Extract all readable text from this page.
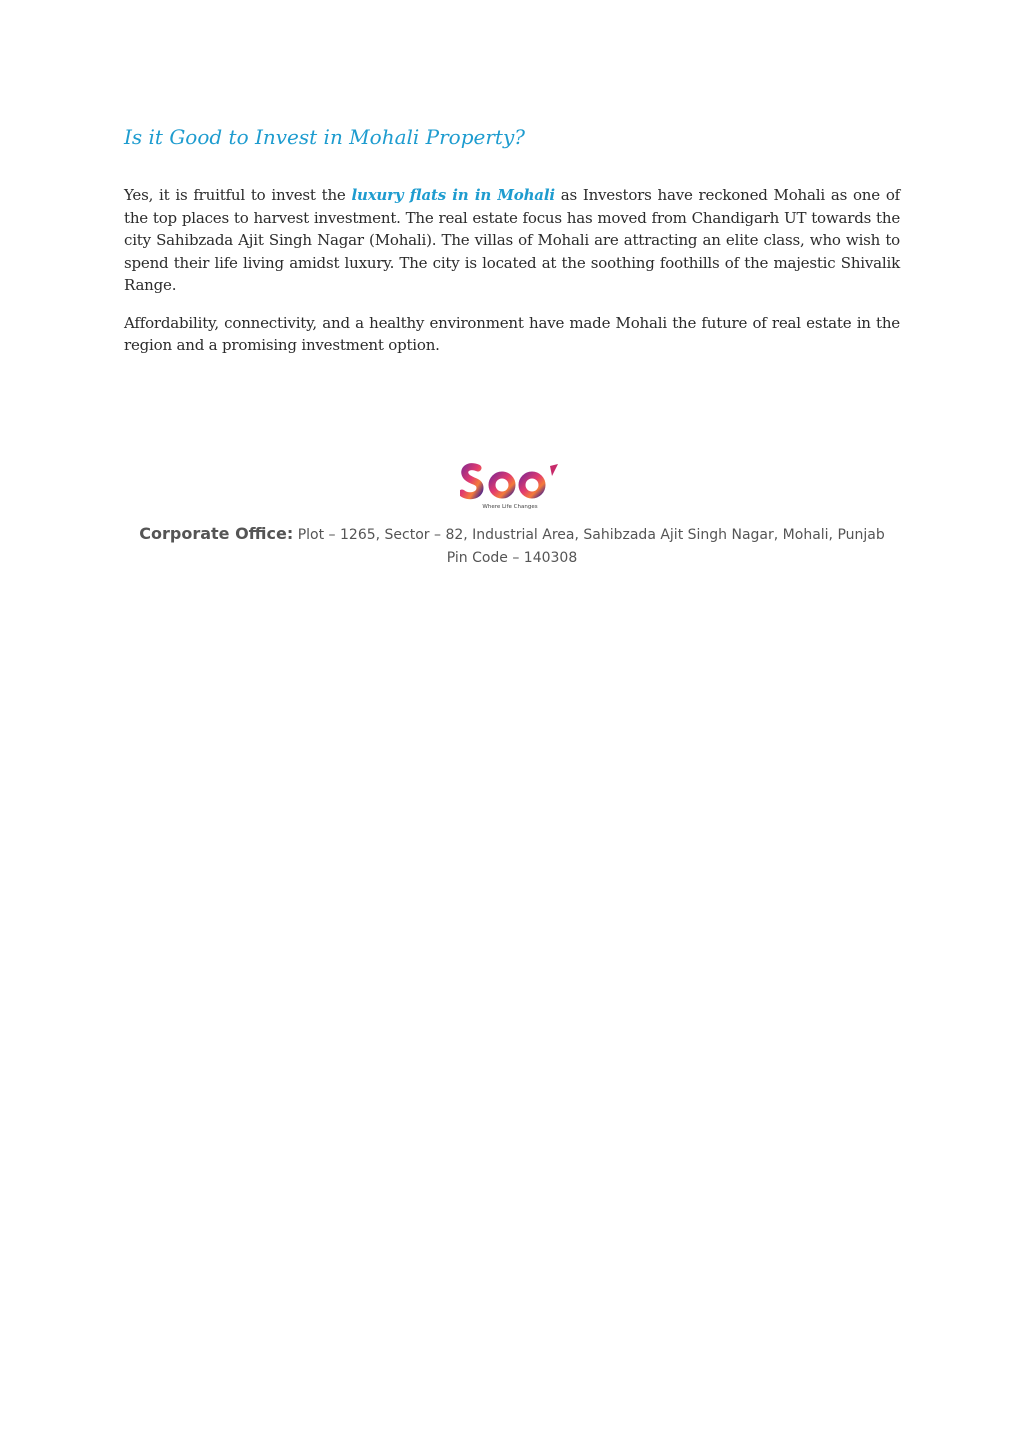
Is it Good to Invest in Mohali Property?

Yes, it is fruitful to invest the luxury flats in in Mohali as Investors have reckoned Mohali as one of the top places to harvest investment. The real estate focus has moved from Chandigarh UT towards the city Sahibzada Ajit Singh Nagar (Mohali). The villas of Mohali are attracting an elite class, who wish to spend their life living amidst luxury. The city is located at the soothing foothills of the majestic Shivalik Range.

Affordability, connectivity, and a healthy environment have made Mohali the future of real estate in the region and a promising investment option.

Where Life Changes
Corporate Office: Plot – 1265, Sector – 82, Industrial Area, Sahibzada Ajit Singh Nagar, Mohali, Punjab
Pin Code – 140308
